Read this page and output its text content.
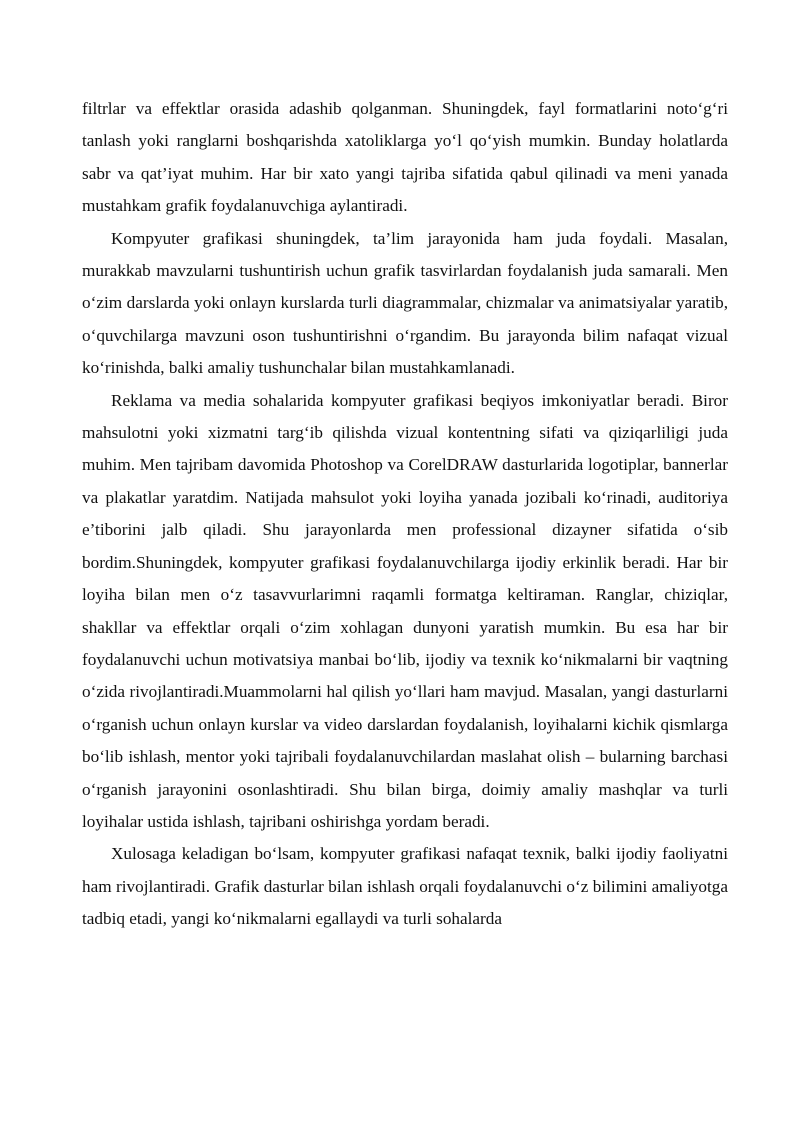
filtrlar va effektlar orasida adashib qolganman. Shuningdek, fayl formatlarini noto‘g‘ri tanlash yoki ranglarni boshqarishda xatoliklarga yo‘l qo‘yish mumkin. Bunday holatlarda sabr va qat’iyat muhim. Har bir xato yangi tajriba sifatida qabul qilinadi va meni yanada mustahkam grafik foydalanuvchiga aylantiradi.

Kompyuter grafikasi shuningdek, ta’lim jarayonida ham juda foydali. Masalan, murakkab mavzularni tushuntirish uchun grafik tasvirlardan foydalanish juda samarali. Men o‘zim darslarda yoki onlayn kurslarda turli diagrammalar, chizmalar va animatsiyalar yaratib, o‘quvchilarga mavzuni oson tushuntirishni o‘rgandim. Bu jarayonda bilim nafaqat vizual ko‘rinishda, balki amaliy tushunchalar bilan mustahkamlanadi.

Reklama va media sohalarida kompyuter grafikasi beqiyos imkoniyatlar beradi. Biror mahsulotni yoki xizmatni targ‘ib qilishda vizual kontentning sifati va qiziqarliligi juda muhim. Men tajribam davomida Photoshop va CorelDRAW dasturlarida logotiplar, bannerlar va plakatlar yaratdim. Natijada mahsulot yoki loyiha yanada jozibali ko‘rinadi, auditoriya e’tiborini jalb qiladi. Shu jarayonlarda men professional dizayner sifatida o‘sib bordim.Shuningdek, kompyuter grafikasi foydalanuvchilarga ijodiy erkinlik beradi. Har bir loyiha bilan men o‘z tasavvurlarimni raqamli formatga keltiraman. Ranglar, chiziqlar, shakllar va effektlar orqali o‘zim xohlagan dunyoni yaratish mumkin. Bu esa har bir foydalanuvchi uchun motivatsiya manbai bo‘lib, ijodiy va texnik ko‘nikmalarni bir vaqtning o‘zida rivojlantiradi.Muammolarni hal qilish yo‘llari ham mavjud. Masalan, yangi dasturlarni o‘rganish uchun onlayn kurslar va video darslardan foydalanish, loyihalarni kichik qismlarga bo‘lib ishlash, mentor yoki tajribali foydalanuvchilardan maslahat olish – bularning barchasi o‘rganish jarayonini osonlashtiradi. Shu bilan birga, doimiy amaliy mashqlar va turli loyihalar ustida ishlash, tajribani oshirishga yordam beradi.

Xulosaga keladigan bo‘lsam, kompyuter grafikasi nafaqat texnik, balki ijodiy faoliyatni ham rivojlantiradi. Grafik dasturlar bilan ishlash orqali foydalanuvchi o‘z bilimini amaliyotga tadbiq etadi, yangi ko‘nikmalarni egallaydi va turli sohalarda
